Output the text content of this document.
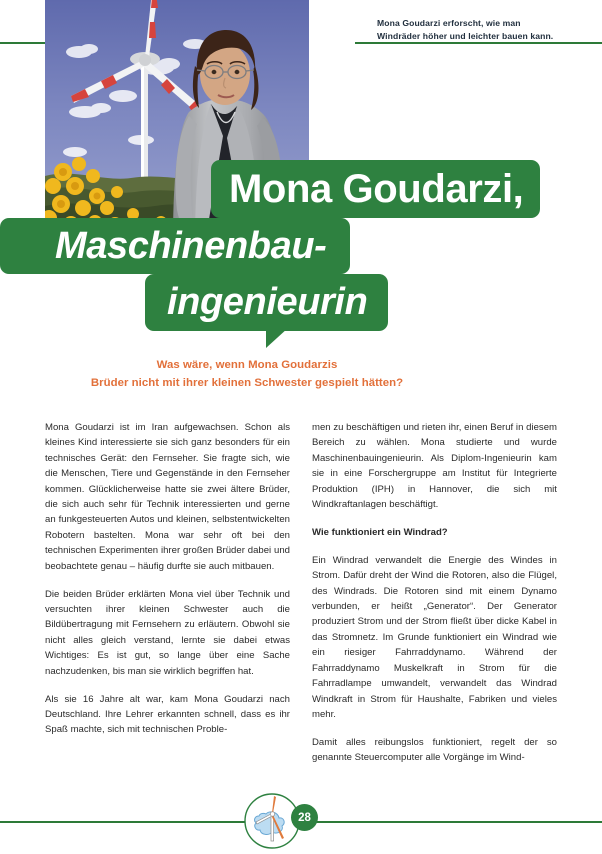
Mona Goudarzi erforscht, wie man
Windräder höher und leichter bauen kann.
Mona Goudarzi,
Maschinenbau-
ingenieurin
Was wäre, wenn Mona Goudarzis
Brüder nicht mit ihrer kleinen Schwester gespielt hätten?

Mona Goudarzi ist im Iran aufgewachsen. Schon als kleines Kind interessierte sie sich ganz besonders für ein technisches Gerät: den Fernseher. Sie fragte sich, wie die Menschen, Tiere und Gegenstände in den Fernseher kommen. Glücklicherweise hatte sie zwei ältere Brüder, die sich auch sehr für Technik interessierten und gerne an funkgesteuerten Autos und kleinen, selbstentwickelten Robotern bastelten. Mona war sehr oft bei den technischen Experimenten ihrer großen Brüder dabei und beobachtete genau – häufig durfte sie auch mitbauen.

Die beiden Brüder erklärten Mona viel über Technik und versuchten ihrer kleinen Schwester auch die Bildübertragung mit Fernsehern zu erläutern. Obwohl sie nicht alles gleich verstand, lernte sie dabei etwas Wichtiges: Es ist gut, so lange über eine Sache nachzudenken, bis man sie wirklich begriffen hat.

Als sie 16 Jahre alt war, kam Mona Goudarzi nach Deutschland. Ihre Lehrer erkannten schnell, dass es ihr Spaß machte, sich mit technischen Proble-

men zu beschäftigen und rieten ihr, einen Beruf in diesem Bereich zu wählen. Mona studierte und wurde Maschinenbauingenieurin. Als Diplom-Ingenieurin kam sie in eine Forschergruppe am Institut für Integrierte Produktion (IPH) in Hannover, die sich mit Windkraftanlagen beschäftigt.

Wie funktioniert ein Windrad?

Ein Windrad verwandelt die Energie des Windes in Strom. Dafür dreht der Wind die Rotoren, also die Flügel, des Windrads. Die Rotoren sind mit einem Dynamo verbunden, er heißt „Generator“. Der Generator produziert Strom und der Strom fließt über dicke Kabel in das Stromnetz. Im Grunde funktioniert ein Windrad wie ein riesiger Fahrraddynamo. Während der Fahrraddynamo Muskelkraft in Strom für die Fahrradlampe umwandelt, verwandelt das Windrad Windkraft in Strom für Haushalte, Fabriken und vieles mehr.

Damit alles reibungslos funktioniert, regelt der so genannte Steuercomputer alle Vorgänge im Wind-

28
